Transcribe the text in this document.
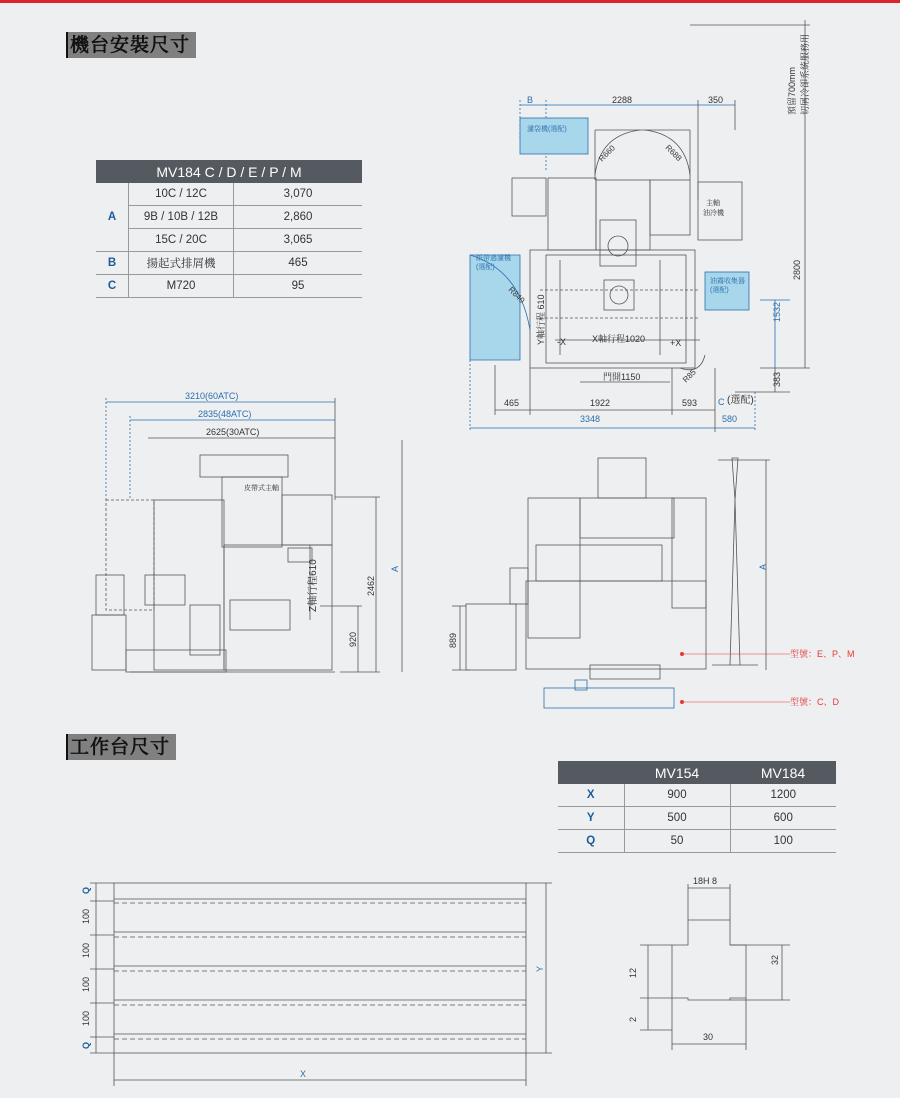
機台安裝尺寸
MV184 C / D / E / P / M		
A	10C / 12C	3,070
	9B / 10B / 12B	2,860
	15C / 20C	3,065
B	揚起式排屑機	465
C	M720	95
B	2288	350	預留700mm 切屑冷卻系統服務用
濾袋機(選配)
R660	R688
主軸
油冷機
紙帶過濾機
(選配)
油霧收集器
(選配)
R840 Y軸行程 610 -X	X軸行程1020	+X
門開1150	R85
2800
1532
383
465	1922	593 C (選配)
3348	580
3210(60ATC)
2835(48ATC)
2625(30ATC)
皮帶式主軸
Z軸行程610	2462
A
920	889
A
型號：E、P、M
型號：C、D
Q
100
100
100
100
Q
Y
X
18H 8
12
32
2
30
工作台尺寸
	MV154	MV184
X	900	1200
Y	500	600
Q	50	100
